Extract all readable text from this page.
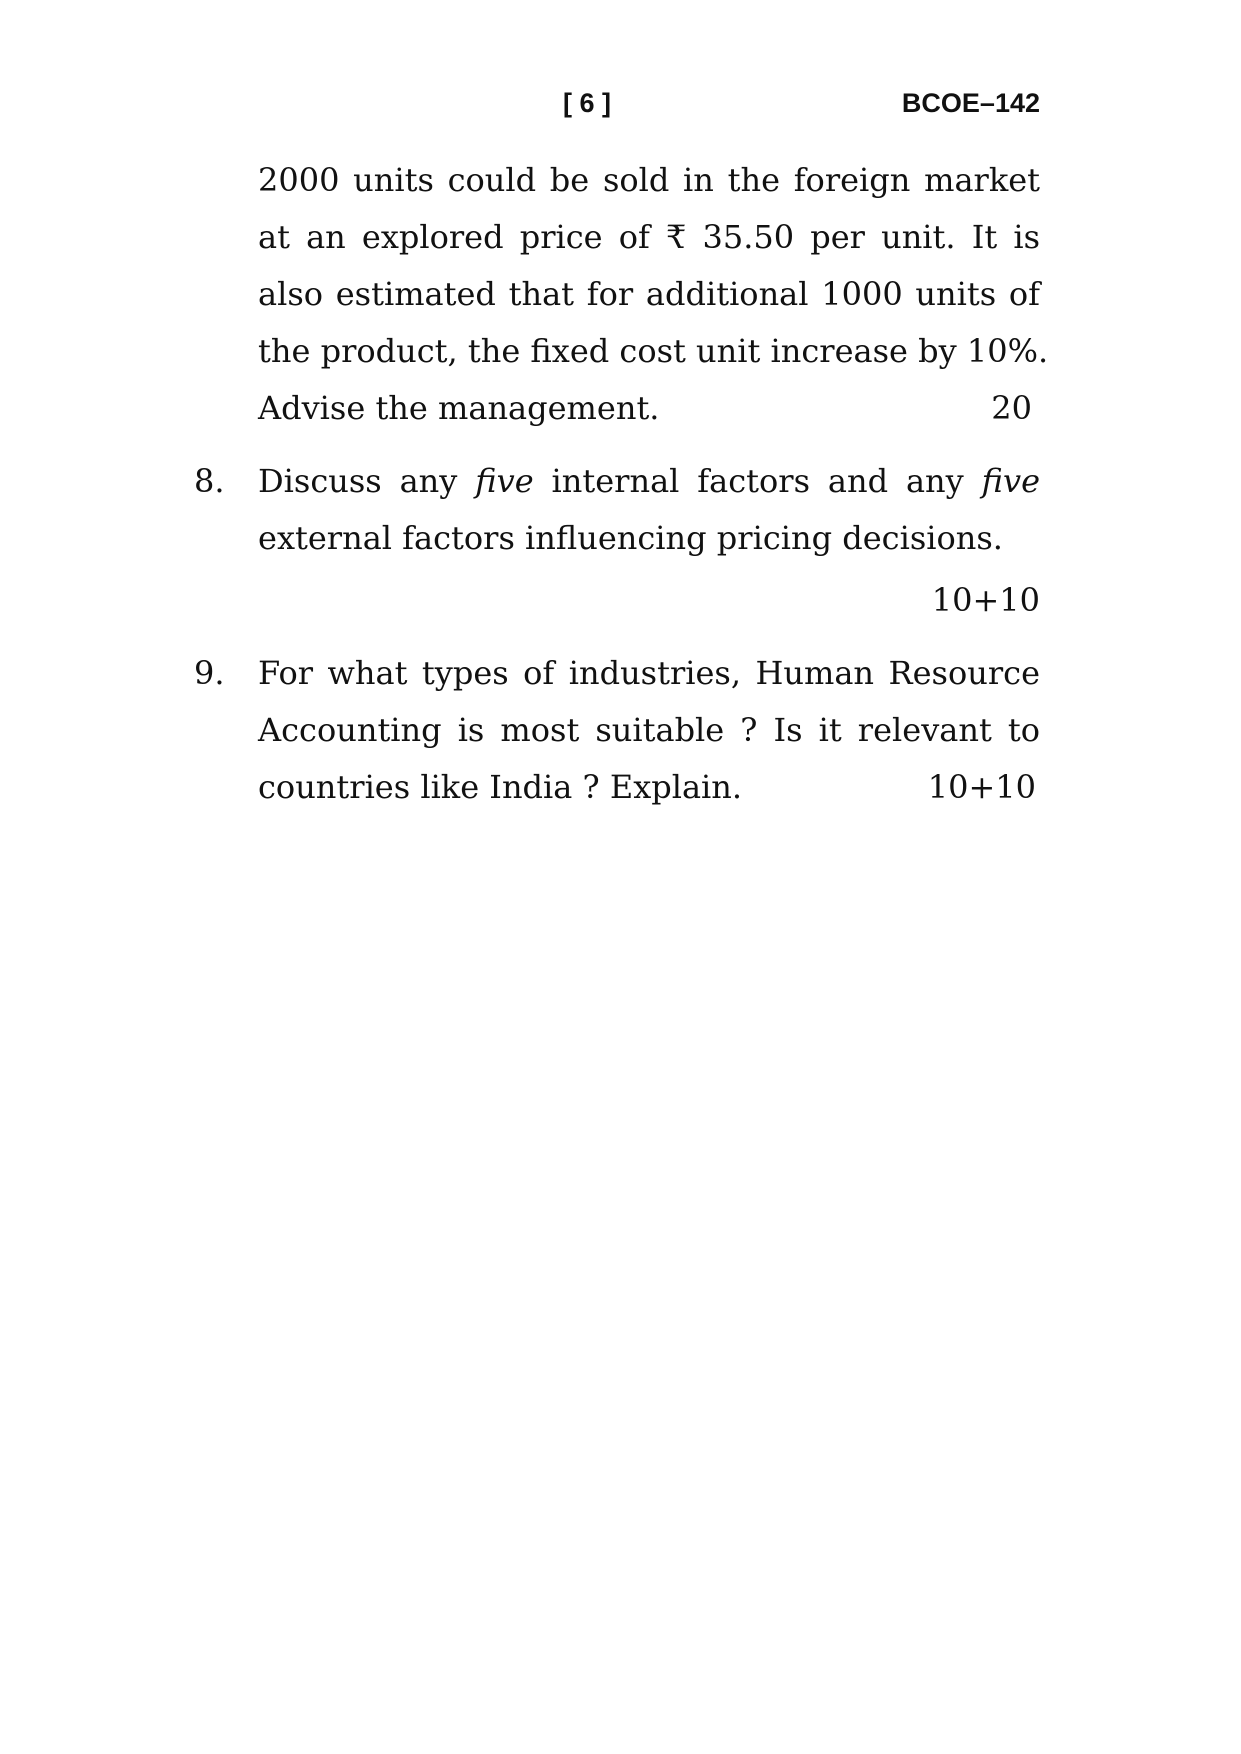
[ 6 ]	BCOE–142
2000 units could be sold in the foreign market
at an explored price of ₹ 35.50 per unit. It is
also estimated that for additional 1000 units of
the product, the fixed cost unit increase by 10%.
Advise the management.	20
8. Discuss any five internal factors and any five
external factors influencing pricing decisions.
10+10
9. For what types of industries, Human Resource
Accounting is most suitable ? Is it relevant to
countries like India ? Explain.	10+10
